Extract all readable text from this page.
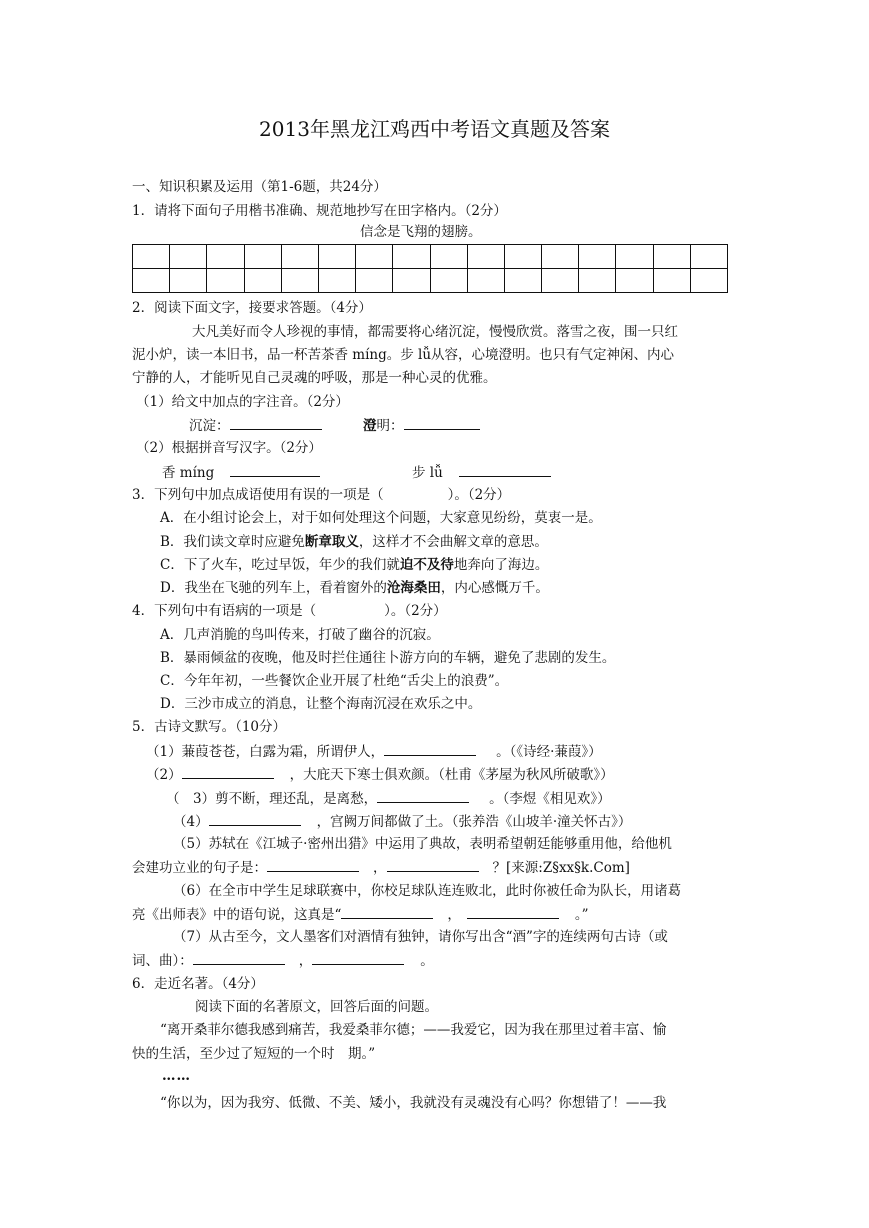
2013年黑龙江鸡西中考语文真题及答案
一、知识积累及运用（第1-6题，共24分）
1．请将下面句子用楷书准确、规范地抄写在田字格内。（2分）
信念是飞翔的翅膀。

2．阅读下面文字，接要求答题。（4分）
大凡美好而令人珍视的事情，都需要将心绪沉淀，慢慢欣赏。落雪之夜，围一只红
泥小炉，读一本旧书，品一杯苦茶香 míng。步 lǚ从容，心境澄明。也只有气定神闲、内心
宁静的人，才能听见自己灵魂的呼吸，那是一种心灵的优雅。
（1）给文中加点的字注音。（2分）
沉淀：	澄明：
（2）根据拼音写汉字。（2分）
香 míng	步 lǚ
3．下列句中加点成语使用有误的一项是（	）。（2分）
A．在小组讨论会上，对于如何处理这个问题，大家意见纷纷，莫衷一是。
B．我们读文章时应避免断章取义，这样才不会曲解文章的意思。
C．下了火车，吃过早饭，年少的我们就迫不及待地奔向了海边。
D．我坐在飞驰的列车上，看着窗外的沧海桑田，内心感慨万千。
4．下列句中有语病的一项是（	）。（2分）
A．几声消脆的鸟叫传来，打破了幽谷的沉寂。
B．暴雨倾盆的夜晚，他及时拦住通往卜游方向的车辆，避免了悲剧的发生。
C．今年年初，一些餐饮企业开展了杜绝“舌尖上的浪费”。
D．三沙市成立的消息，让整个海南沉浸在欢乐之中。
5．古诗文默写。（10分）
（1）蒹葭苍苍，白露为霜，所谓伊人，	。（《诗经·蒹葭》）
（2）	，大庇天下寒士俱欢颜。（杜甫《茅屋为秋风所破歌》）
（　3）剪不断，理还乱，是离愁，	。（李煜《相见欢》）
（4）	，宫阙万间都做了土。（张养浩《山坡羊·潼关怀古》）
（5）苏轼在《江城子·密州出猎》中运用了典故，表明希望朝廷能够重用他，给他机
会建功立业的句子是：	，	？[来源:Z§xx§k.Com]
（6）在全市中学生足球联赛中，你校足球队连连败北，此时你被任命为队长，用诸葛
亮《出师表》中的语句说，这真是“	，	。”
（7）从古至今，文人墨客们对酒情有独钟，请你写出含“酒”字的连续两句古诗（或
词、曲）：	，	。
6．走近名著。（4分）
阅读下面的名著原文，回答后面的问题。
“离开桑菲尔德我感到痛苦，我爱桑菲尔德；——我爱它，因为我在那里过着丰富、愉
快的生活，至少过了短短的一个时　期。”
……
“你以为，因为我穷、低微、不美、矮小，我就没有灵魂没有心吗？你想错了！——我
